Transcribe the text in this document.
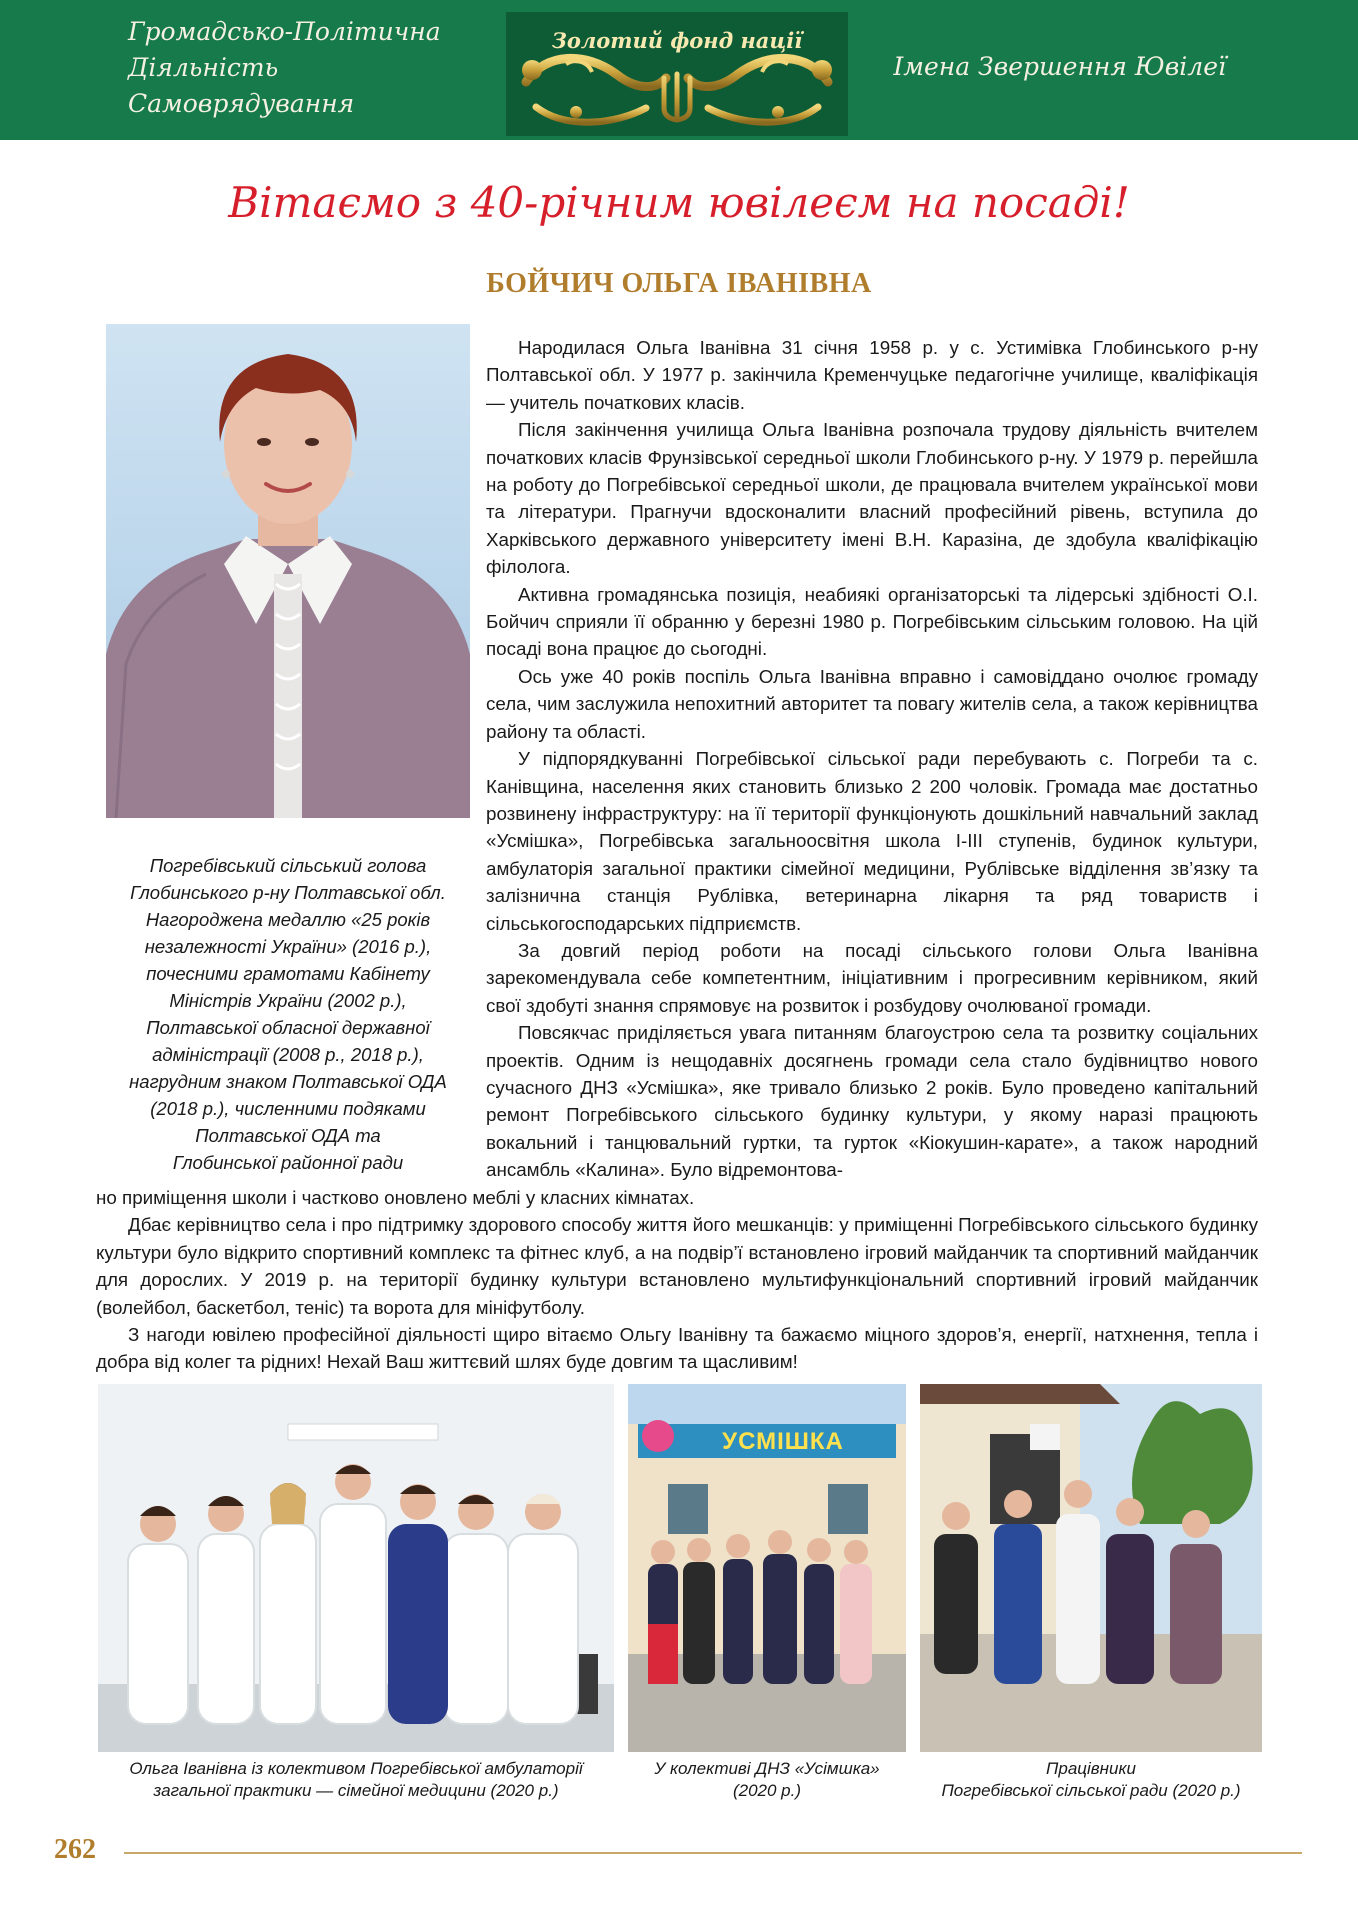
Громадсько-Політична
Діяльність
Самоврядування
Золотий фонд нації
Імена Звершення Ювілеї
Вітаємо з 40-річним ювілеєм на посаді!
БОЙЧИЧ ОЛЬГА ІВАНІВНА
Погребівський сільський голова
Глобинського р-ну Полтавської обл.
Нагороджена медаллю «25 років
незалежності України» (2016 р.),
почесними грамотами Кабінету
Міністрів України (2002 р.),
Полтавської обласної державної
адміністрації (2008 р., 2018 р.),
нагрудним знаком Полтавської ОДА
(2018 р.), численними подяками
Полтавської ОДА та
Глобинської районної ради

Народилася Ольга Іванівна 31 січня 1958 р. у с. Устимівка Глобинського р-ну Полтавської обл. У 1977 р. закінчила Кременчуцьке педагогічне училище, кваліфікація — учитель початкових класів.

Після закінчення училища Ольга Іванівна розпочала трудову діяльність вчителем початкових класів Фрунзівської середньої школи Глобинського р-ну. У 1979 р. перейшла на роботу до Погребівської середньої школи, де працювала вчителем української мови та літератури. Прагнучи вдосконалити власний професійний рівень, вступила до Харківського державного університету імені В.Н. Каразіна, де здобула кваліфікацію філолога.

Активна громадянська позиція, неабиякі організаторські та лідерські здібності О.І. Бойчич сприяли її обранню у березні 1980 р. Погребівським сільським головою. На цій посаді вона працює до сьогодні.

Ось уже 40 років поспіль Ольга Іванівна вправно і самовіддано очолює громаду села, чим заслужила непохитний авторитет та повагу жителів села, а також керівництва району та області.

У підпорядкуванні Погребівської сільської ради перебувають с. Погреби та с. Канівщина, населення яких становить близько 2 200 чоловік. Громада має достатньо розвинену інфраструктуру: на її території функціонують дошкільний навчальний заклад «Усмішка», Погребівська загальноосвітня школа І-ІІІ ступенів, будинок культури, амбулаторія загальної практики сімейної медицини, Рублівське відділення зв’язку та залізнична станція Рублівка, ветеринарна лікарня та ряд товариств і сільськогосподарських підприємств.

За довгий період роботи на посаді сільського голови Ольга Іванівна зарекомендувала себе компетентним, ініціативним і прогресивним керівником, який свої здобуті знання спрямовує на розвиток і розбудову очолюваної громади.

Повсякчас приділяється увага питанням благоустрою села та розвитку соціальних проектів. Одним із нещодавніх досягнень громади села стало будівництво нового сучасного ДНЗ «Усмішка», яке тривало близько 2 років. Було проведено капітальний ремонт Погребівського сільського будинку культури, у якому наразі працюють вокальний і танцювальний гуртки, та гурток «Кіокушин-карате», а також народний ансамбль «Калина». Було відремонтова-

но приміщення школи і частково оновлено меблі у класних кімнатах.

Дбає керівництво села і про підтримку здорового способу життя його мешканців: у приміщенні Погребівського сільського будинку культури було відкрито спортивний комплекс та фітнес клуб, а на подвір’ї встановлено ігровий майданчик та спортивний майданчик для дорослих. У 2019 р. на території будинку культури встановлено мультифункціональний спортивний ігровий майданчик (волейбол, баскетбол, теніс) та ворота для мініфутболу.

З нагоди ювілею професійної діяльності щиро вітаємо Ольгу Іванівну та бажаємо міцного здоров’я, енергії, натхнення, тепла і добра від колег та рідних! Нехай Ваш життєвий шлях буде довгим та щасливим!

УСМІШКА
Ольга Іванівна із колективом Погребівської амбулаторії
загальної практики — сімейної медицини (2020 р.)
У колективі ДНЗ «Усімшка»
(2020 р.)
Працівники
Погребівської сільської ради (2020 р.)
262
